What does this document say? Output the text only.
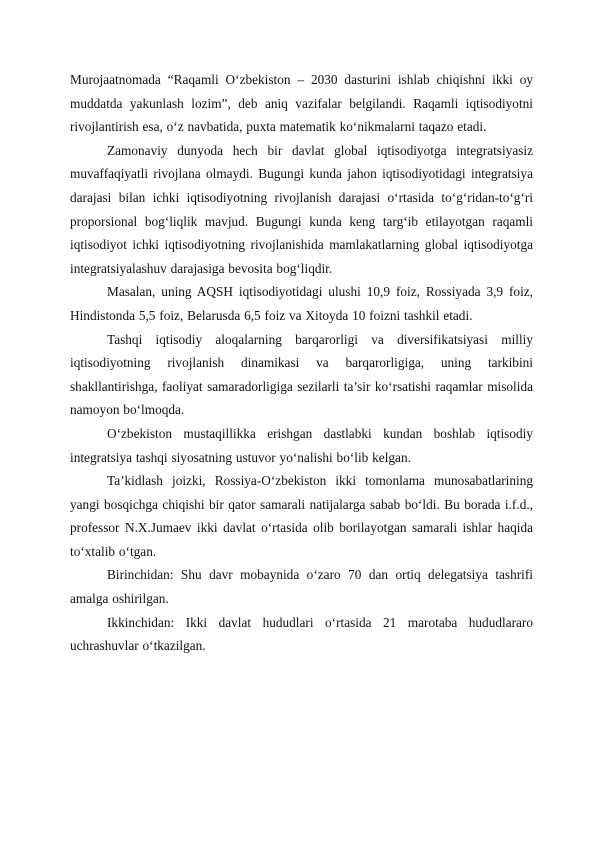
Murojaatnomada “Raqamli O‘zbekiston – 2030 dasturini ishlab chiqishni ikki oy muddatda yakunlash lozim”, deb aniq vazifalar belgilandi. Raqamli iqtisodiyotni rivojlantirish esa, o‘z navbatida, puxta matematik ko‘nikmalarni taqazo etadi.

Zamonaviy dunyoda hech bir davlat global iqtisodiyotga integratsiyasiz muvaffaqiyatli rivojlana olmaydi. Bugungi kunda jahon iqtisodiyotidagi integratsiya darajasi bilan ichki iqtisodiyotning rivojlanish darajasi o‘rtasida to‘g‘ridan-to‘g‘ri proporsional bog‘liqlik mavjud. Bugungi kunda keng targ‘ib etilayotgan raqamli iqtisodiyot ichki iqtisodiyotning rivojlanishida mamlakatlarning global iqtisodiyotga integratsiyalashuv darajasiga bevosita bog‘liqdir.

Masalan, uning AQSH iqtisodiyotidagi ulushi 10,9 foiz, Rossiyada 3,9 foiz, Hindistonda 5,5 foiz, Belarusda 6,5 foiz va Xitoyda 10 foizni tashkil etadi.

Tashqi iqtisodiy aloqalarning barqarorligi va diversifikatsiyasi milliy iqtisodiyotning rivojlanish dinamikasi va barqarorligiga, uning tarkibini shakllantirishga, faoliyat samaradorligiga sezilarli ta’sir ko‘rsatishi raqamlar misolida namoyon bo‘lmoqda.

O‘zbekiston mustaqillikka erishgan dastlabki kundan boshlab iqtisodiy integratsiya tashqi siyosatning ustuvor yo‘nalishi bo‘lib kelgan.

Ta’kidlash joizki, Rossiya-O‘zbekiston ikki tomonlama munosabatlarining yangi bosqichga chiqishi bir qator samarali natijalarga sabab bo‘ldi. Bu borada i.f.d., professor N.X.Jumaev ikki davlat o‘rtasida olib borilayotgan samarali ishlar haqida to‘xtalib o‘tgan.

Birinchidan: Shu davr mobaynida o‘zaro 70 dan ortiq delegatsiya tashrifi amalga oshirilgan.

Ikkinchidan: Ikki davlat hududlari o‘rtasida 21 marotaba hududlararo uchrashuvlar o‘tkazilgan.
